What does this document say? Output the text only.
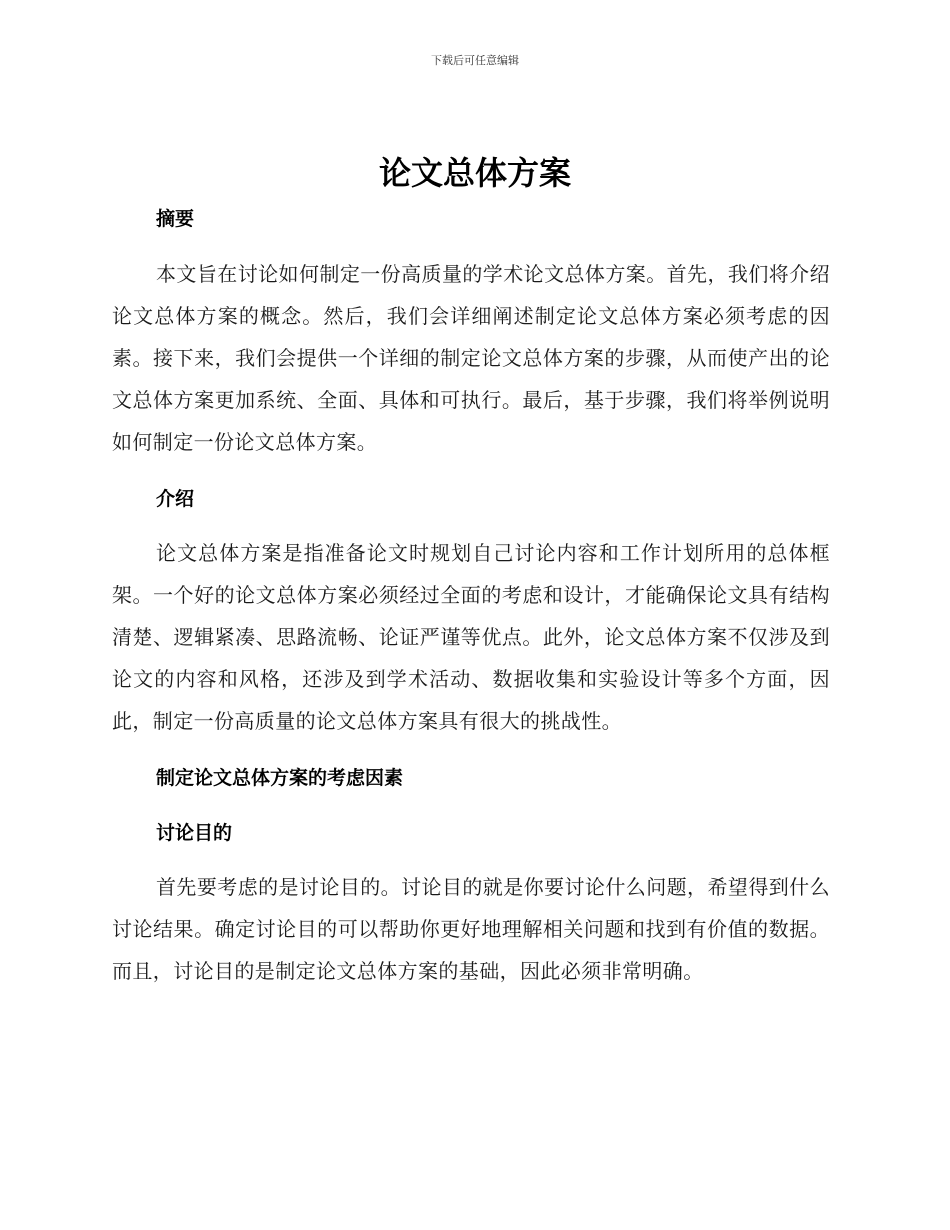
下载后可任意编辑
论文总体方案
摘要

本文旨在讨论如何制定一份高质量的学术论文总体方案。首先，我们将介绍论文总体方案的概念。然后，我们会详细阐述制定论文总体方案必须考虑的因素。接下来，我们会提供一个详细的制定论文总体方案的步骤，从而使产出的论文总体方案更加系统、全面、具体和可执行。最后，基于步骤，我们将举例说明如何制定一份论文总体方案。

介绍

论文总体方案是指准备论文时规划自己讨论内容和工作计划所用的总体框架。一个好的论文总体方案必须经过全面的考虑和设计，才能确保论文具有结构清楚、逻辑紧凑、思路流畅、论证严谨等优点。此外，论文总体方案不仅涉及到论文的内容和风格，还涉及到学术活动、数据收集和实验设计等多个方面，因此，制定一份高质量的论文总体方案具有很大的挑战性。

制定论文总体方案的考虑因素
讨论目的

首先要考虑的是讨论目的。讨论目的就是你要讨论什么问题，希望得到什么讨论结果。确定讨论目的可以帮助你更好地理解相关问题和找到有价值的数据。而且，讨论目的是制定论文总体方案的基础，因此必须非常明确。
